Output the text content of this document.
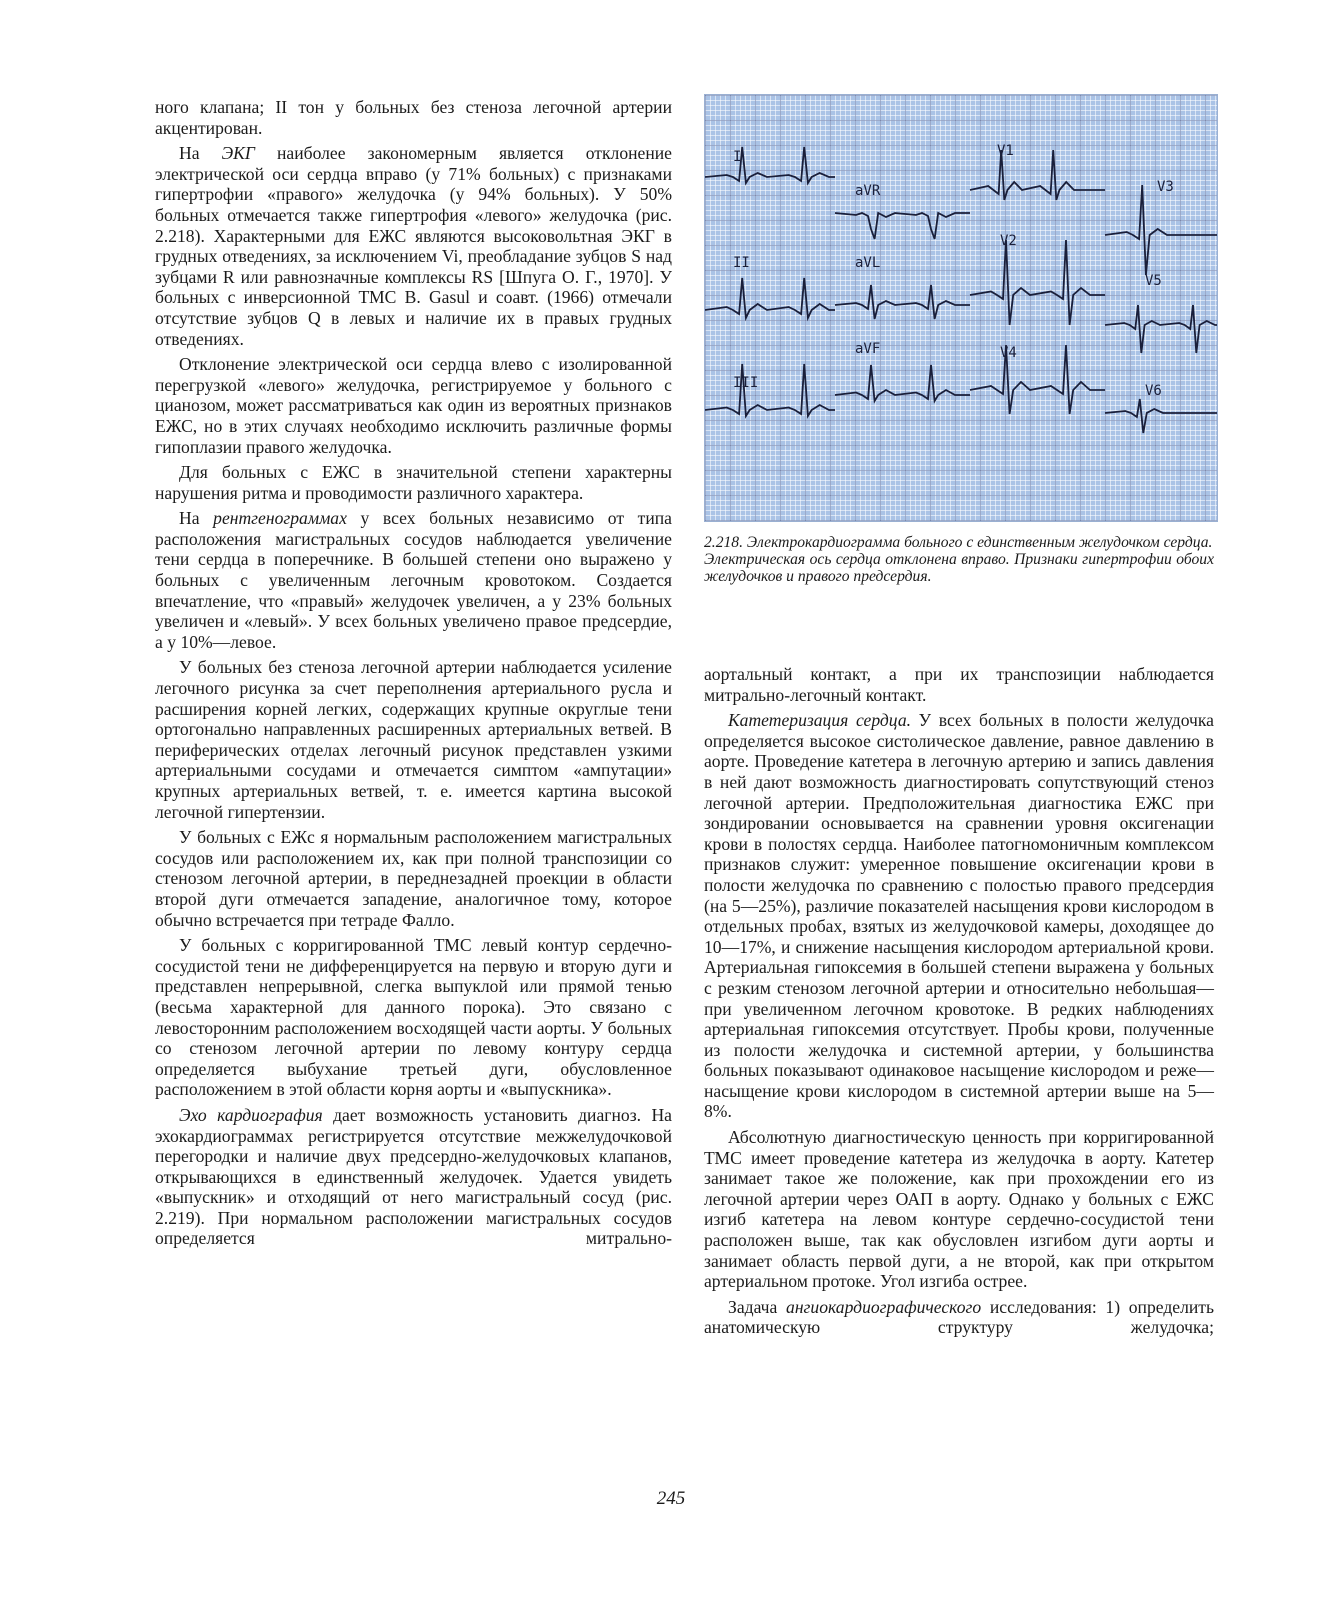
ного клапана; II тон у больных без стеноза легочной артерии акцентирован.

На ЭКГ наиболее закономерным является отклонение электрической оси сердца вправо (у 71% больных) с признаками гипертрофии «правого» желудочка (у 94% больных). У 50% больных отмечается также гипертрофия «левого» желудочка (рис. 2.218). Характерными для ЕЖС являются высоковольтная ЭКГ в грудных отведениях, за исключением Vi, преобладание зубцов S над зубцами R или равнозначные комплексы RS [Шпуга О. Г., 1970]. У больных с инверсионной ТМС В. Gasul и соавт. (1966) отмечали отсутствие зубцов Q в левых и наличие их в правых грудных отведениях.

Отклонение электрической оси сердца влево с изолированной перегрузкой «левого» желудочка, регистрируемое у больного с цианозом, может рассматриваться как один из вероятных признаков ЕЖС, но в этих случаях необходимо исключить различные формы гипоплазии правого желудочка.

Для больных с ЕЖС в значительной степени характерны нарушения ритма и проводимости различного характера.

На рентгенограммах у всех больных независимо от типа расположения магистральных сосудов наблюдается увеличение тени сердца в поперечнике. В большей степени оно выражено у больных с увеличенным легочным кровотоком. Создается впечатление, что «правый» желудочек увеличен, а у 23% больных увеличен и «левый». У всех больных увеличено правое предсердие, а у 10%—левое.

У больных без стеноза легочной артерии наблюдается усиление легочного рисунка за счет переполнения артериального русла и расширения корней легких, содержащих крупные округлые тени ортогонально направленных расширенных артериальных ветвей. В периферических отделах легочный рисунок представлен узкими артериальными сосудами и отмечается симптом «ампутации» крупных артериальных ветвей, т. е. имеется картина высокой легочной гипертензии.

У больных с ЕЖс я нормальным расположением магистральных сосудов или расположением их, как при полной транспозиции со стенозом легочной артерии, в переднезадней проекции в области второй дуги отмечается западение, аналогичное тому, которое обычно встречается при тетраде Фалло.

У больных с корригированной ТМС левый контур сердечно-сосудистой тени не дифференцируется на первую и вторую дуги и представлен непрерывной, слегка выпуклой или прямой тенью (весьма характерной для данного порока). Это связано с левосторонним расположением восходящей части аорты. У больных со стенозом легочной артерии по левому контуру сердца определяется выбухание третьей дуги, обусловленное расположением в этой области корня аорты и «выпускника».

Эхо кардиография дает возможность установить диагноз. На эхокардиограммах регистрируется отсутствие межжелудочковой перегородки и наличие двух предсердно-желудочковых клапанов, открывающихся в единственный желудочек. Удается увидеть «выпускник» и отходящий от него магистральный сосуд (рис. 2.219). При нормальном расположении магистральных сосудов определяется митрально-

I
aVR
V1
V3
V2
II	aVL
V5
aVF	V4
III	V6
2.218. Электрокардиограмма больного с единственным желудочком сердца.
Электрическая ось сердца отклонена вправо. Признаки гипертрофии обоих желудочков и правого предсердия.

аортальный контакт, а при их транспозиции наблюдается митрально-легочный контакт.

Катетеризация сердца. У всех больных в полости желудочка определяется высокое систолическое давление, равное давлению в аорте. Проведение катетера в легочную артерию и запись давления в ней дают возможность диагностировать сопутствующий стеноз легочной артерии. Предположительная диагностика ЕЖС при зондировании основывается на сравнении уровня оксигенации крови в полостях сердца. Наиболее патогномоничным комплексом признаков служит: умеренное повышение оксигенации крови в полости желудочка по сравнению с полостью правого предсердия (на 5—25%), различие показателей насыщения крови кислородом в отдельных пробах, взятых из желудочковой камеры, доходящее до 10—17%, и снижение насыщения кислородом артериальной крови. Артериальная гипоксемия в большей степени выражена у больных с резким стенозом легочной артерии и относительно небольшая—при увеличенном легочном кровотоке. В редких наблюдениях артериальная гипоксемия отсутствует. Пробы крови, полученные из полости желудочка и системной артерии, у большинства больных показывают одинаковое насыщение кислородом и реже—насыщение крови кислородом в системной артерии выше на 5—8%.

Абсолютную диагностическую ценность при корригированной ТМС имеет проведение катетера из желудочка в аорту. Катетер занимает такое же положение, как при прохождении его из легочной артерии через ОАП в аорту. Однако у больных с ЕЖС изгиб катетера на левом контуре сердечно-сосудистой тени расположен выше, так как обусловлен изгибом дуги аорты и занимает область первой дуги, а не второй, как при открытом артериальном протоке. Угол изгиба острее.

Задача ангиокардиографического исследования: 1) определить анатомическую структуру желудочка;

245
